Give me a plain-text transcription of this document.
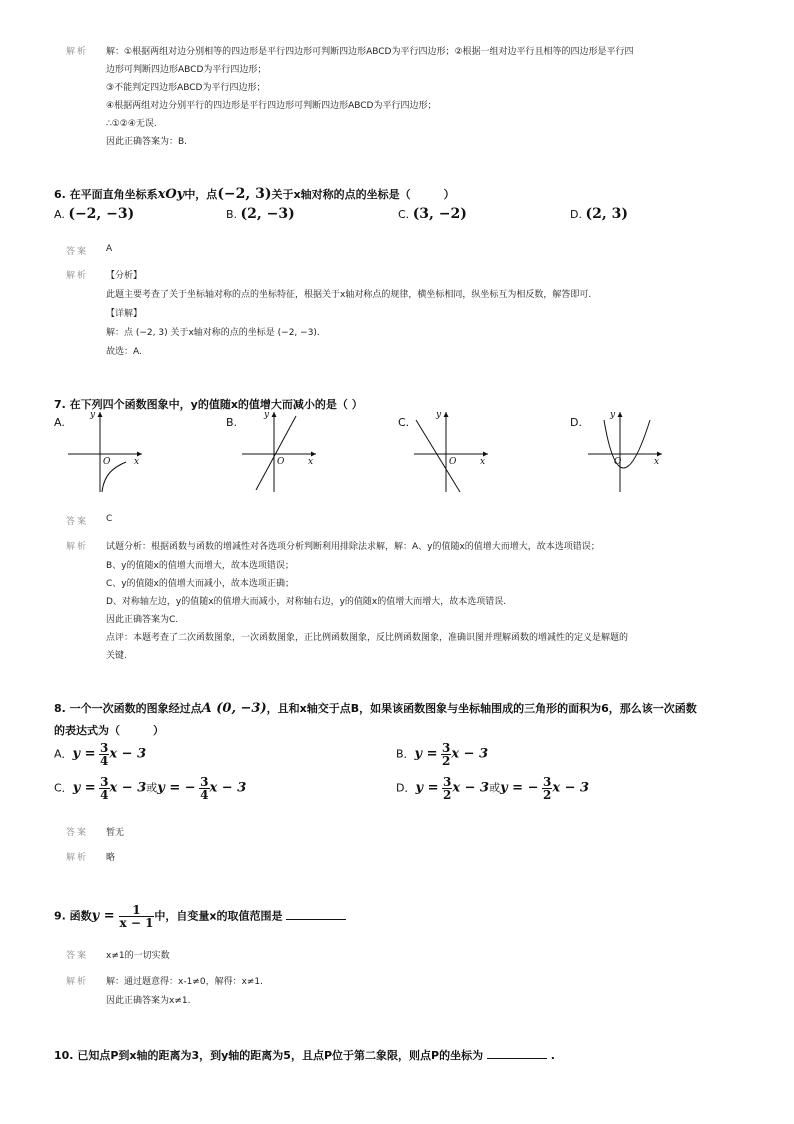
解析 解：①根据两组对边分别相等的四边形是平行四边形可判断四边形ABCD为平行四边形；②根据一组对边平行且相等的四边形是平行四
边形可判断四边形ABCD为平行四边形；
③不能判定四边形ABCD为平行四边形；
④根据两组对边分别平行的四边形是平行四边形可判断四边形ABCD为平行四边形；
∴①②④无误.
因此正确答案为：B.
6. 在平面直角坐标系xOy中，点(−2, 3)关于x轴对称的点的坐标是（　　　）
A. (−2, −3)	B. (2, −3)	C. (3, −2)	D. (2, 3)
答案 A
解析 【分析】
此题主要考查了关于坐标轴对称的点的坐标特征，根据关于x轴对称点的规律，横坐标相同，纵坐标互为相反数，解答即可.
【详解】
解：点 (−2, 3) 关于x轴对称的点的坐标是 (−2, −3).
故选：A.
7. 在下列四个函数图象中，y的值随x的值增大而减小的是（ ）
A.	B.	C.	D.
y
x
O
y
x
O
y
x
O
y
x
O
答案 C
解析 试题分析：根据函数与函数的增减性对各选项分析判断利用排除法求解，解：A、y的值随x的值增大而增大，故本选项错误；
B、y的值随x的值增大而增大，故本选项错误；
C、y的值随x的值增大而减小，故本选项正确；
D、对称轴左边，y的值随x的值增大而减小，对称轴右边，y的值随x的值增大而增大，故本选项错误.
因此正确答案为C.
点评：本题考查了二次函数图象，一次函数图象，正比例函数图象，反比例函数图象，准确识图并理解函数的增减性的定义是解题的
关键.
8. 一个一次函数的图象经过点A (0, −3)，且和x轴交于点B，如果该函数图象与坐标轴围成的三角形的面积为6，那么该一次函数
的表达式为（　　　）
A．$y = \frac{3}{4}$ x − 3	B．$y = \frac{3}{2}$ x − 3
C．$y = \frac{3}{4}$ x − 3或y = − $\frac{3}{4}$ x − 3	D．$y = \frac{3}{2}$ x − 3或y = − $\frac{3}{2}$ x − 3
答案 暂无
解析 略
9. 函数$y = \frac{1}{x - 1}$ 中，自变量x的取值范围是
答案 x≠1的一切实数
解析 解：通过题意得：x-1≠0，解得：x≠1.
因此正确答案为x≠1.
10. 已知点P到x轴的距离为3，到y轴的距离为5，且点P位于第二象限，则点P的坐标为	.
